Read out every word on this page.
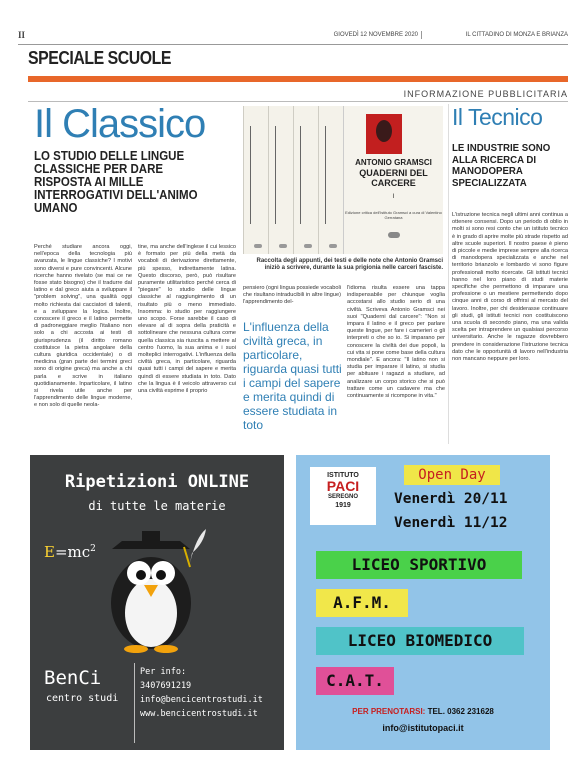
II	GIOVEDÌ 12 NOVEMBRE 2020	IL CITTADINO DI MONZA E BRIANZA
SPECIALE SCUOLE
INFORMAZIONE PUBBLICITARIA
Il Classico
LO STUDIO DELLE LINGUE CLASSICHE PER DARE RISPOSTA AI MILLE INTERROGATIVI DELL'ANIMO UMANO
Perché studiare ancora oggi, nell'epoca della tecnologia più avanzata, le lingue classiche? I motivi sono diversi e pure convincenti. Alcune ricerche hanno rivelato (se mai ce ne fosse stato bisogno) che il tradurre dal latino e dal greco aiuta a sviluppare il "problem solving", una qualità oggi molto richiesta dai cacciatori di talenti, e a sviluppare la logica. Inoltre, conoscere il greco e il latino permette di padroneggiare meglio l'italiano non solo a chi accosta ai testi di giurisprudenza (il diritto romano costituisce la pietra angolare della cultura giuridica occidentale) o di medicina (gran parte dei termini greci sono di origine greca) ma anche a chi parla e scrive in italiano quotidianamente. Inparticolare, il latino si rivela utile anche per l'apprendimento delle lingue moderne, e non solo di quelle neola-
tine, ma anche dell'inglese il cui lessico è formato per più della metà da vocaboli di derivazione direttamente, più spesso, indirettamente latina. Questo discorso, però, può risultare puramente utilitaristico perché cerca di "piegare" lo studio delle lingue classiche al raggiungimento di un risultato più o meno immediato. Insomma: io studio per raggiungere uno scopo. Forse sarebbe il caso di elevare al di sopra della praticità e sottolineare che nessuna cultura come quella classica sia riuscita a mettere al centro l'uomo, la sua anima e i suoi molteplici interrogativi. L'influenza della civiltà greca, in particolare, riguarda quasi tutti i campi del sapere e merita quindi di essere studiata in toto. Dato che la lingua è il veicolo attraverso cui una civiltà esprime il proprio
pensiero (ogni lingua possiede vocaboli che risultano intraducibili in altre lingue) l'apprendimento del-
L'influenza della civiltà greca, in particolare, riguarda quasi tutti i campi del sapere e merita quindi di essere studiata in toto
l'idioma risulta essere una tappa indispensabile per chiunque voglia accostarsi allo studio serio di una civiltà. Scriveva Antonio Gramsci nei suoi "Quaderni dal carcere": "Non si impara il latino e il greco per parlare queste lingue, per fare i camerieri o gli interpreti o che so io. Si imparano per conoscere la civiltà dei due popoli, la cui vita si pone come base della cultura mondiale". E ancora: "Il latino non si studia per imparare il latino, si studia per abituare i ragazzi a studiare, ad analizzare un corpo storico che si può trattare come un cadavere ma che continuamente si ricompone in vita."
ANTONIO GRAMSCI
QUADERNI DEL CARCERE
I
Edizione critica dell'Istituto Gramsci a cura di Valentino Gerratana
Raccolta degli appunti, dei testi e delle note che Antonio Gramsci iniziò a scrivere, durante la sua prigionia nelle carceri fasciste.
Il Tecnico
LE INDUSTRIE SONO ALLA RICERCA DI MANODOPERA SPECIALIZZATA
L'istruzione tecnica negli ultimi anni continua a ottenere consensi. Dopo un periodo di oblio in molti si sono resi conto che un istituto tecnico è in grado di aprire molte più strade rispetto ad altre scuole superiori. Il nostro paese è pieno di piccole e medie imprese sempre alla ricerca di manodopera specializzata e anche nel territorio brianzolo e lombardo vi sono figure professionali molto ricercate. Gli istituti tecnici hanno nel loro piano di studi materie specifiche che permettono di imparare una professione o un mestiere permettendo dopo cinque anni di corso di offrirsi al mercato del lavoro. Inoltre, per chi desiderasse continuare gli studi, gli istituti tecnici non costituiscono una scuola di secondo piano, ma una valida scelta per intraprendere un qualsiasi percorso universitario. Anche le ragazze dovrebbero prendere in considerazione l'istruzione tecnica dato che le opportunità di lavoro nell'industria non mancano neppure per loro.
Ripetizioni ONLINE
di tutte le materie
$E=mc^2$
BenCi
centro studi
Per info:
3407691219
info@bencicentrostudi.it
www.bencicentrostudi.it
ISTITUTO
PACI
SEREGNO
1919
Open Day
Venerdì 20/11
Venerdì 11/12
LICEO SPORTIVO
A.F.M.
LICEO BIOMEDICO
C.A.T.
PER PRENOTARSI: TEL. 0362 231628
info@istitutopaci.it
